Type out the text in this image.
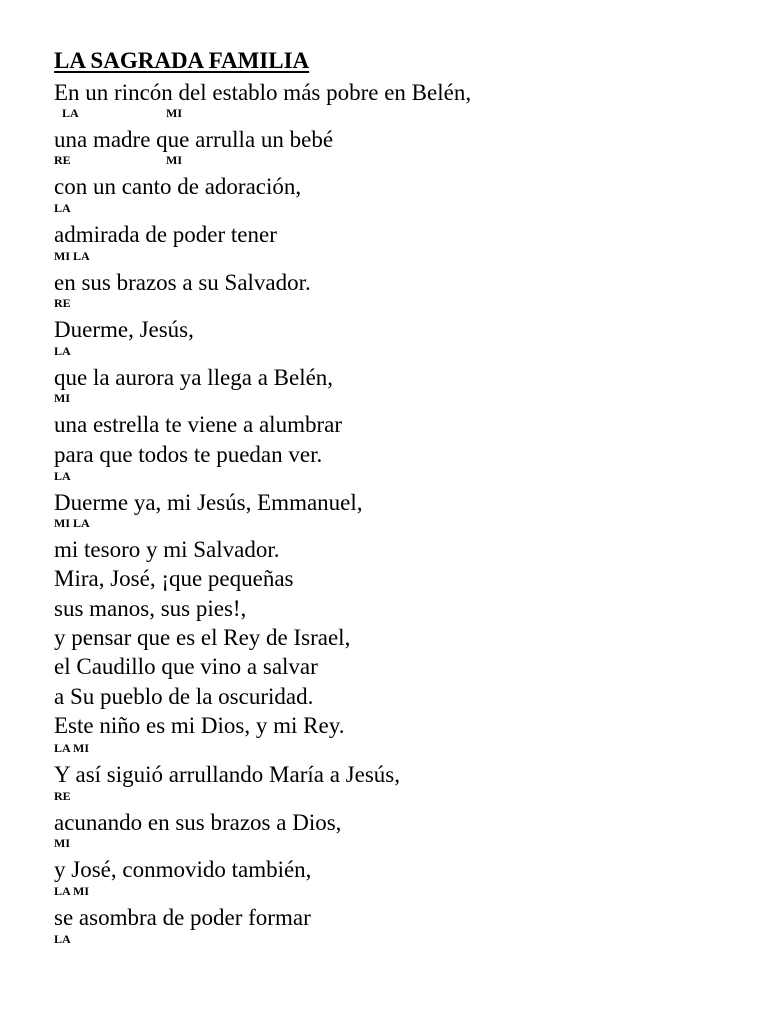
LA SAGRADA FAMILIA
En un rincón del establo más pobre en Belén,
LA	MI
una madre que arrulla un bebé
RE	MI
con un canto de adoración,
LA
admirada de poder tener
MI LA
en sus brazos a su Salvador.
RE
Duerme, Jesús,
LA
que la aurora ya llega a Belén,
MI
una estrella te viene a alumbrar
para que todos te puedan ver.
LA
Duerme ya, mi Jesús, Emmanuel,
MI LA
mi tesoro y mi Salvador.
Mira, José, ¡que pequeñas
sus manos, sus pies!,
y pensar que es el Rey de Israel,
el Caudillo que vino a salvar
a Su pueblo de la oscuridad.
Este niño es mi Dios, y mi Rey.
LA MI
Y así siguió arrullando María a Jesús,
RE
acunando en sus brazos a Dios,
MI
y José, conmovido también,
LA MI
se asombra de poder formar
LA
